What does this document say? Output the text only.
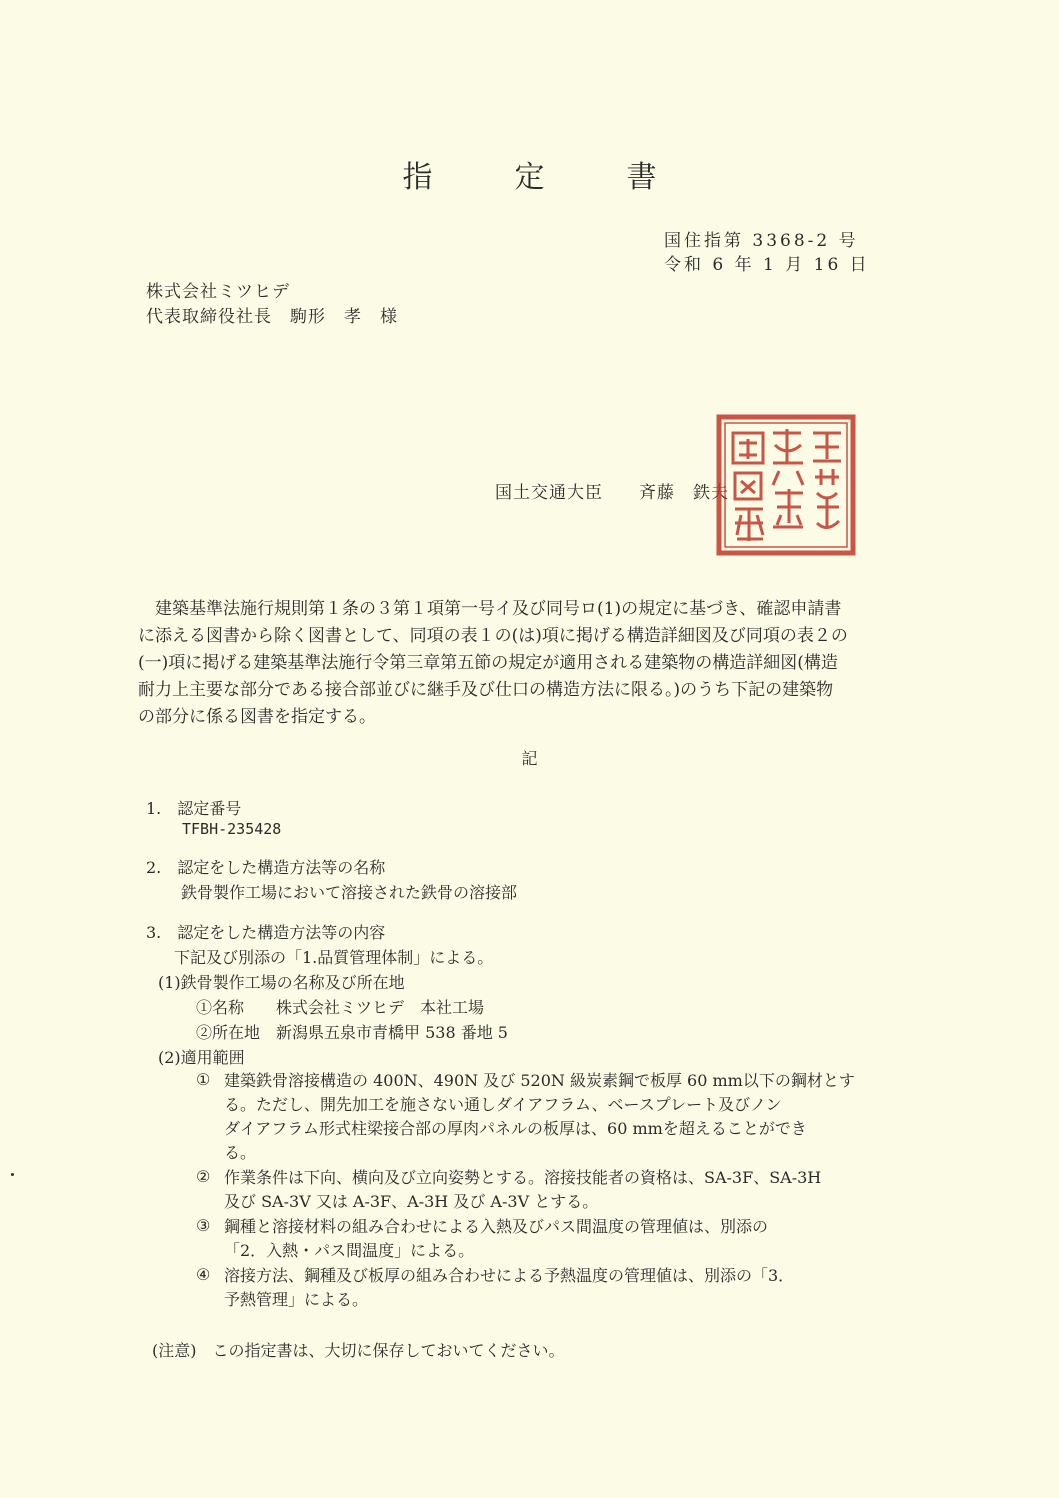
指　定　書
国住指第 3368-2 号
令和 6 年 1 月 16 日
株式会社ミツヒデ
代表取締役社長　駒形　孝　様
国土交通大臣　　斉藤　鉄夫

建築基準法施行規則第１条の３第１項第一号イ及び同号ロ(1)の規定に基づき、確認申請書

に添える図書から除く図書として、同項の表１の(は)項に掲げる構造詳細図及び同項の表２の

(一)項に掲げる建築基準法施行令第三章第五節の規定が適用される建築物の構造詳細図(構造

耐力上主要な部分である接合部並びに継手及び仕口の構造方法に限る。)のうち下記の建築物

の部分に係る図書を指定する。

記
1.　認定番号
TFBH-235428
2.　認定をした構造方法等の名称
鉄骨製作工場において溶接された鉄骨の溶接部
3.　認定をした構造方法等の内容
下記及び別添の「1.品質管理体制」による。
(1)鉄骨製作工場の名称及び所在地
①名称　　株式会社ミツヒデ　本社工場
②所在地　新潟県五泉市青橋甲 538 番地 5
(2)適用範囲
① 建築鉄骨溶接構造の 400N、490N 及び 520N 級炭素鋼で板厚 60 mm以下の鋼材とす
る。ただし、開先加工を施さない通しダイアフラム、ベースプレート及びノン
ダイアフラム形式柱梁接合部の厚肉パネルの板厚は、60 mmを超えることができ
る。
② 作業条件は下向、横向及び立向姿勢とする。溶接技能者の資格は、SA-3F、SA-3H
及び SA-3V 又は A-3F、A-3H 及び A-3V とする。
③ 鋼種と溶接材料の組み合わせによる入熱及びパス間温度の管理値は、別添の
「2．入熱・パス間温度」による。
④ 溶接方法、鋼種及び板厚の組み合わせによる予熱温度の管理値は、別添の「3．
予熱管理」による。
(注意)　この指定書は、大切に保存しておいてください。
